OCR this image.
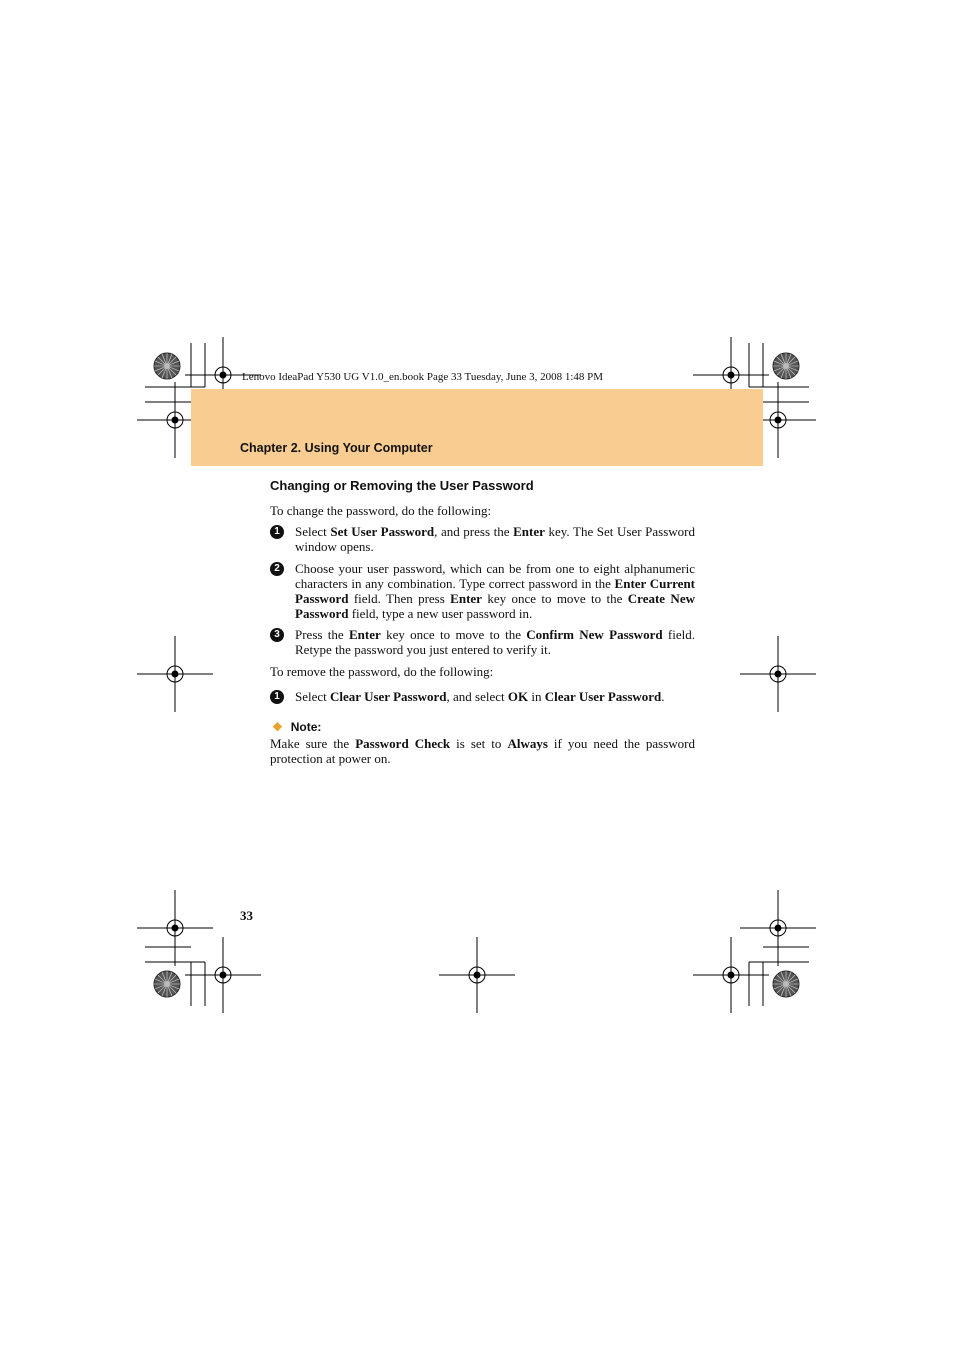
Lenovo IdeaPad Y530 UG V1.0_en.book Page 33 Tuesday, June 3, 2008 1:48 PM
Chapter 2. Using Your Computer
Changing or Removing the User Password
To change the password, do the following:
1	Select Set User Password, and press the Enter key. The Set User Password window opens.
2	Choose your user password, which can be from one to eight alphanumeric characters in any combination. Type correct password in the Enter Current Password field. Then press Enter key once to move to the Create New Password field, type a new user password in.
3	Press the Enter key once to move to the Confirm New Password field. Retype the password you just entered to verify it.
To remove the password, do the following:
1	Select Clear User Password, and select OK in Clear User Password.
❖ Note:
Make sure the Password Check is set to Always if you need the password protection at power on.
33
